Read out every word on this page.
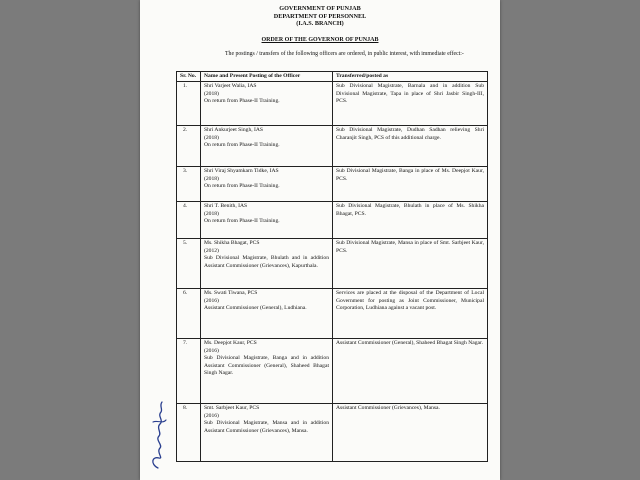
GOVERNMENT OF PUNJAB
DEPARTMENT OF PERSONNEL
(I.A.S. BRANCH)
ORDER OF THE GOVERNOR OF PUNJAB
The postings / transfers of the following officers are ordered, in public interest, with immediate effect:-
Sr. No.	Name and Present Posting of the Officer	Transferred/posted as
1.	Shri Varjeet Walia, IAS
(2018)
On return from Phase-II Training.	Sub Divisional Magistrate, Barnala and in addition Sub Divisional Magistrate, Tapa in place of Shri Jasbir Singh-III, PCS.
2.	Shri Ankurjeet Singh, IAS
(2018)
On return from Phase-II Training.	Sub Divisional Magistrate, Dudhan Sadhan relieving Shri Charanjit Singh, PCS of this additional charge.
3.	Shri Viraj Shyamkarn Tidke, IAS
(2018)
On return from Phase-II Training.	Sub Divisional Magistrate, Banga in place of Ms. Deepjot Kaur, PCS.
4.	Shri T. Benith, IAS
(2018)
On return from Phase-II Training.	Sub Divisional Magistrate, Bhulath in place of Ms. Shikha Bhagat, PCS.
5.	Ms. Shikha Bhagat, PCS
(2012)
Sub Divisional Magistrate, Bhulath and in addition Assistant Commissioner (Grievances), Kapurthala.	Sub Divisional Magistrate, Mansa in place of Smt. Sarbjeet Kaur, PCS.
6.	Ms. Swati Tiwana, PCS
(2016)
Assistant Commissioner (General), Ludhiana.	Services are placed at the disposal of the Department of Local Government for posting as Joint Commissioner, Municipal Corporation, Ludhiana against a vacant post.
7.	Ms. Deepjot Kaur, PCS
(2016)
Sub Divisional Magistrate, Banga and in addition Assistant Commissioner (General), Shaheed Bhagat Singh Nagar.	Assistant Commissioner (General), Shaheed Bhagat Singh Nagar.
8.	Smt. Sarbjeet Kaur, PCS
(2016)
Sub Divisional Magistrate, Mansa and in addition Assistant Commissioner (Grievances), Mansa.	Assistant Commissioner (Grievances), Mansa.
